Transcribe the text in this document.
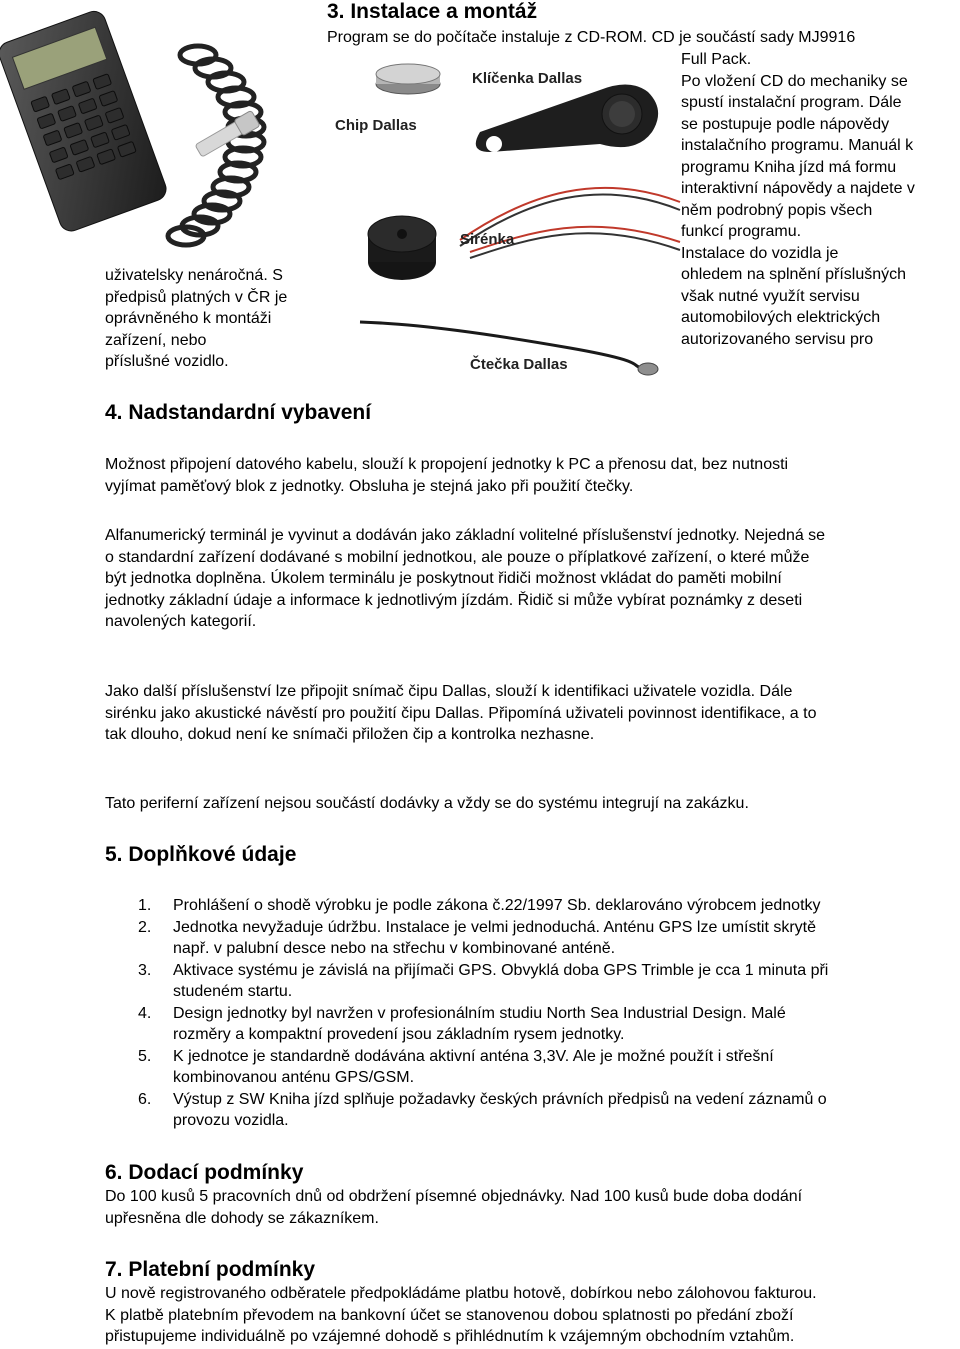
3. Instalace a montáž
Program se do počítače instaluje z CD-ROM. CD je součástí sady MJ9916
Full Pack.
Po vložení CD do mechaniky se
spustí instalační program. Dále
se postupuje podle nápovědy
instalačního programu. Manuál k
programu Kniha jízd má formu
interaktivní nápovědy a najdete v
něm podrobný popis všech
funkcí programu.
Instalace do vozidla je
ohledem na splnění příslušných
však nutné využít servisu
automobilových elektrických
autorizovaného servisu pro
uživatelsky nenáročná. S
předpisů platných v ČR je
oprávněného k montáži
zařízení, nebo
příslušné vozidlo.
Chip Dallas
Klíčenka Dallas
Sirénka
Čtečka Dallas
4. Nadstandardní vybavení
Možnost připojení datového kabelu, slouží k propojení jednotky k PC a přenosu dat, bez nutnosti
vyjímat paměťový blok z jednotky. Obsluha je stejná jako při použití čtečky.
Alfanumerický terminál je vyvinut a dodáván jako základní volitelné příslušenství jednotky. Nejedná se
o standardní zařízení dodávané s mobilní jednotkou, ale pouze o příplatkové zařízení, o které může
být jednotka doplněna. Úkolem terminálu je poskytnout řidiči možnost vkládat do paměti mobilní
jednotky základní údaje a informace k jednotlivým jízdám. Řidič si může vybírat poznámky z deseti
navolených kategorií.
Jako další příslušenství lze připojit snímač čipu Dallas, slouží k identifikaci uživatele vozidla. Dále
sirénku jako akustické návěstí pro použití čipu Dallas. Připomíná uživateli povinnost identifikace, a to
tak dlouho, dokud není ke snímači přiložen čip a kontrolka nezhasne.
Tato periferní zařízení nejsou součástí dodávky a vždy se do systému integrují na zakázku.
5. Doplňkové údaje
1. Prohlášení o shodě výrobku je podle zákona č.22/1997 Sb. deklarováno výrobcem jednotky
2. Jednotka nevyžaduje údržbu. Instalace je velmi jednoduchá. Anténu GPS lze umístit skrytě
např. v palubní desce nebo na střechu v kombinované anténě.
3. Aktivace systému je závislá na přijímači GPS. Obvyklá doba GPS Trimble je cca 1 minuta při
studeném startu.
4. Design jednotky byl navržen v profesionálním studiu North Sea Industrial Design. Malé
rozměry a kompaktní provedení jsou základním rysem jednotky.
5. K jednotce je standardně dodávána aktivní anténa 3,3V. Ale je možné použít i střešní
kombinovanou anténu GPS/GSM.
6. Výstup z SW Kniha jízd splňuje požadavky českých právních předpisů na vedení záznamů o
provozu vozidla.
6. Dodací podmínky
Do 100 kusů 5 pracovních dnů od obdržení písemné objednávky. Nad 100 kusů bude doba dodání
upřesněna dle dohody se zákazníkem.
7. Platební podmínky
U nově registrovaného odběratele předpokládáme platbu hotově, dobírkou nebo zálohovou fakturou.
K platbě platebním převodem na bankovní účet se stanovenou dobou splatnosti po předání zboží
přistupujeme individuálně po vzájemné dohodě s přihlédnutím k vzájemným obchodním vztahům.
